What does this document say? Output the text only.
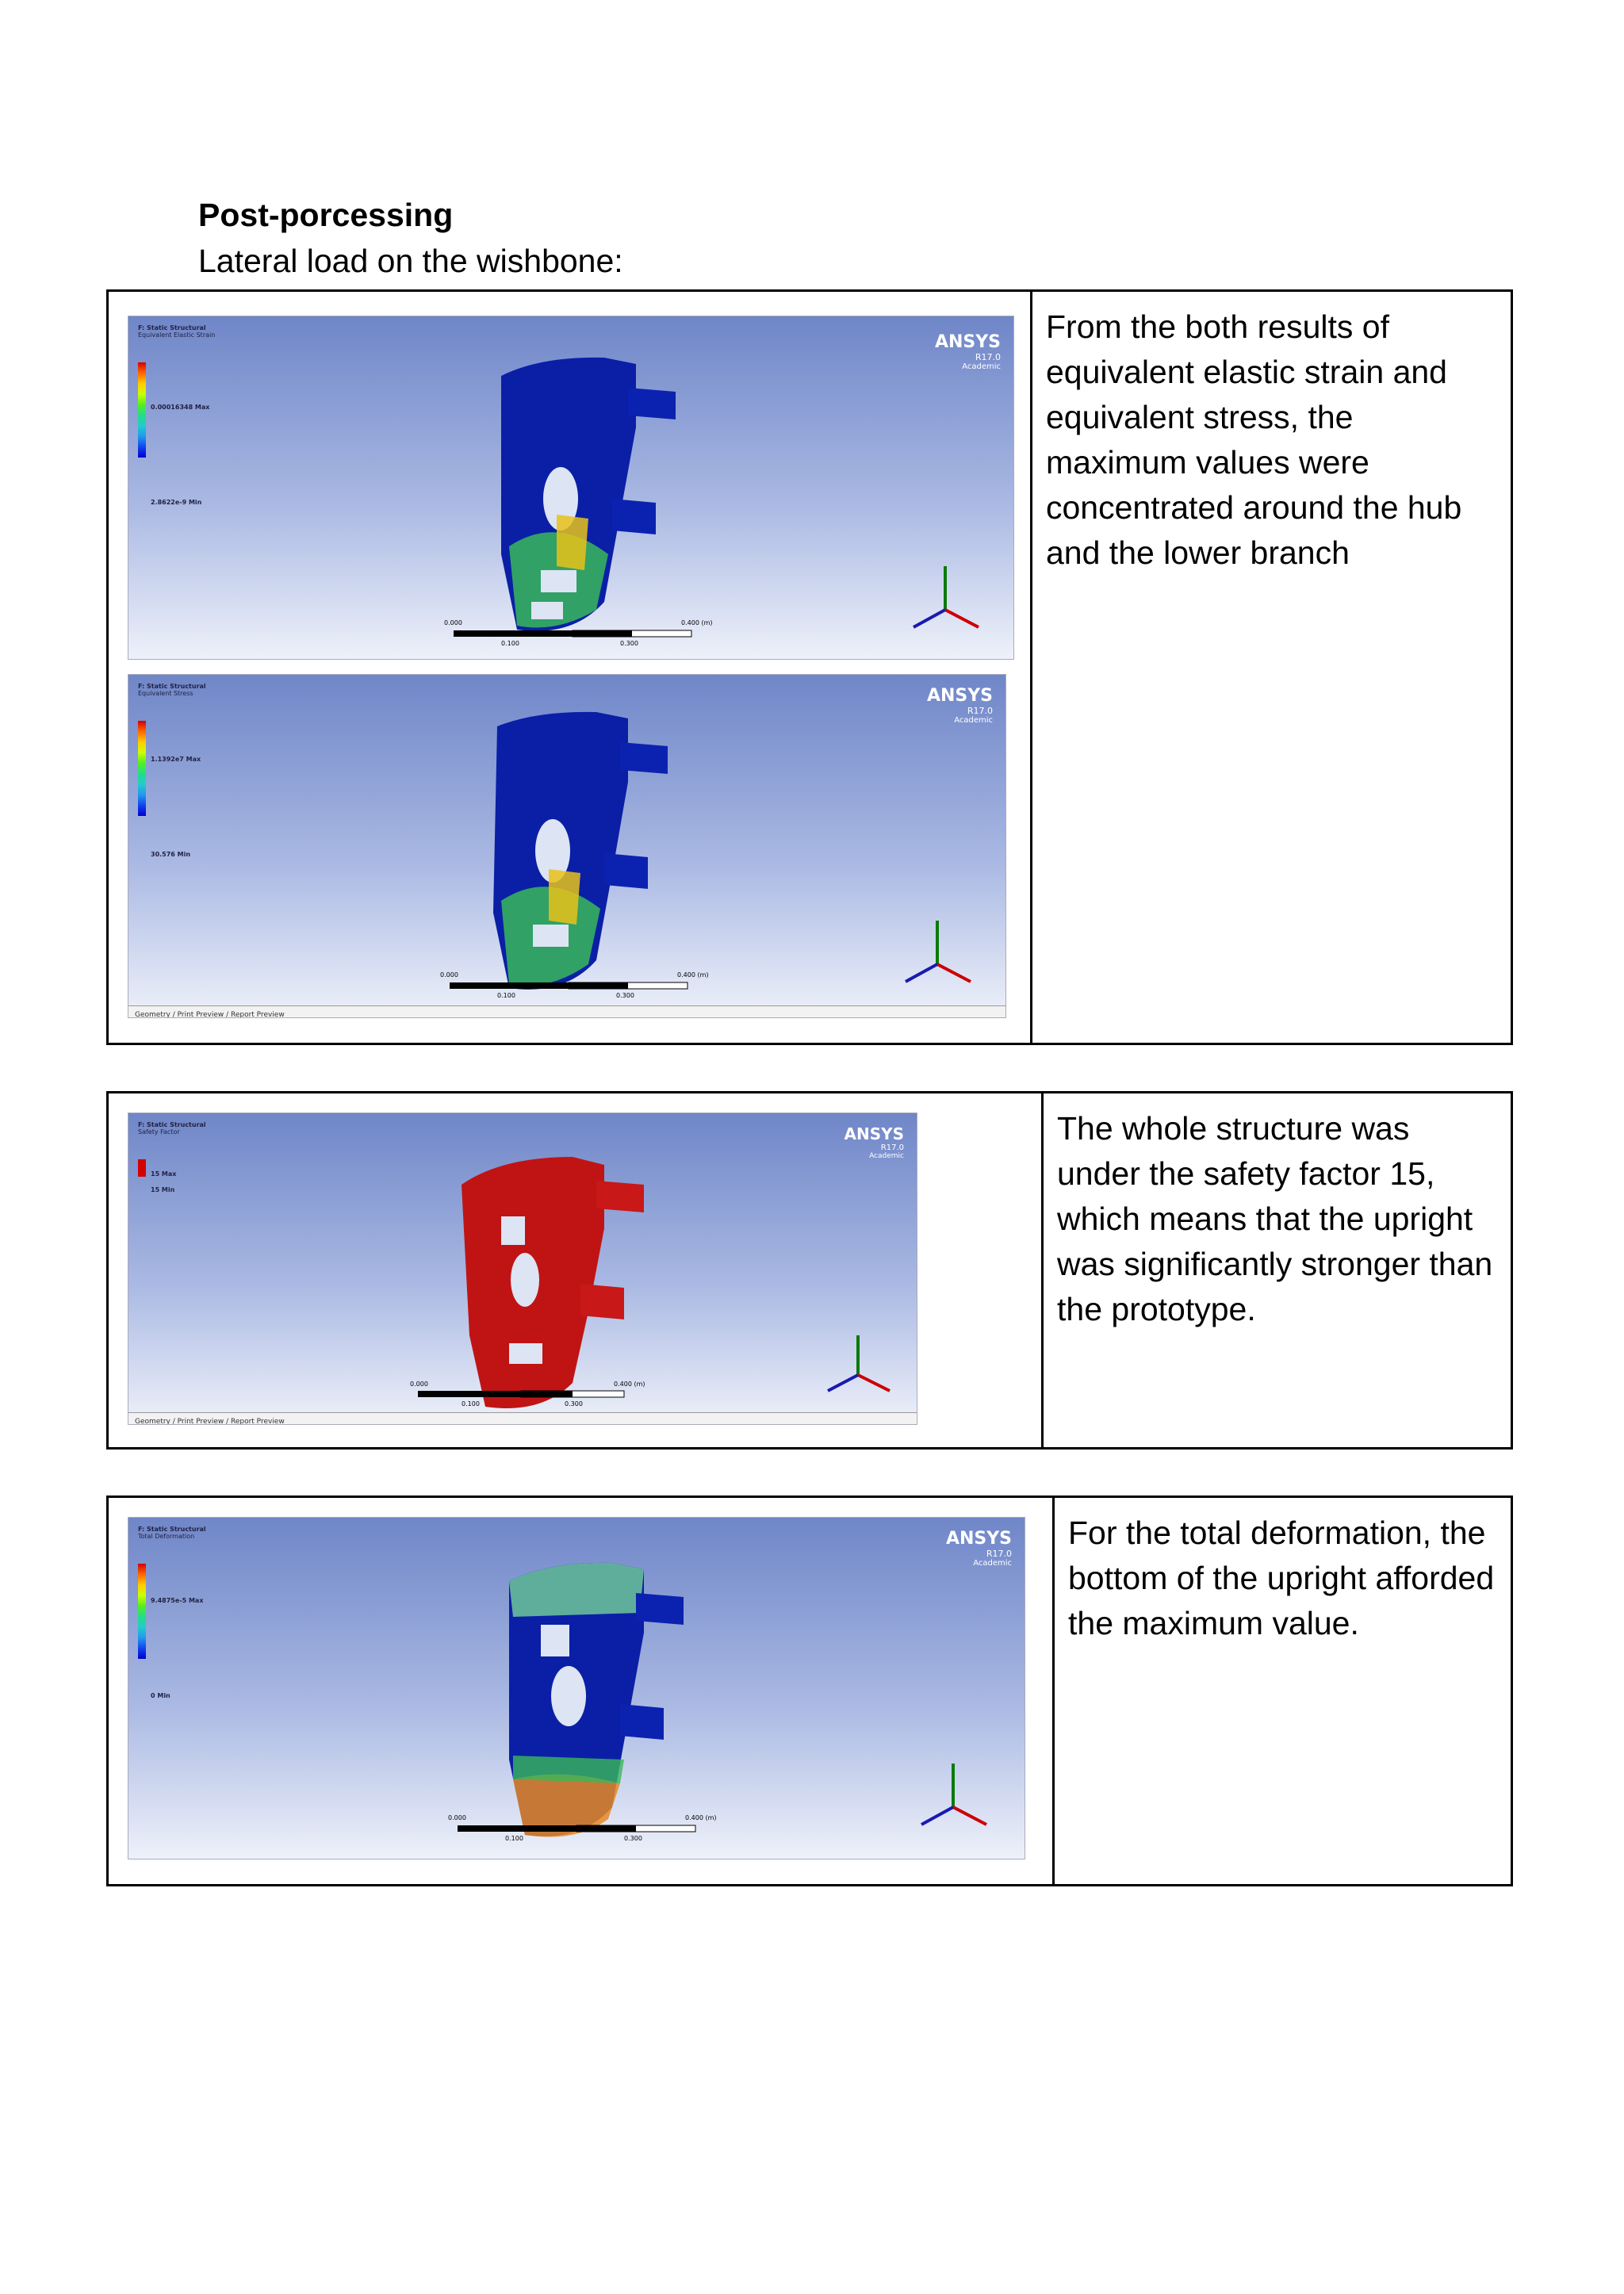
Post-porcessing
Lateral load on the wishbone:
F: Static Structural
Equivalent Elastic Strain
0.00016348 Max
2.8622e-9 Min
ANSYS
R17.0
Academic
0.000	0.400 (m)
0.100	0.300
F: Static Structural
Equivalent Stress
1.1392e7 Max
30.576 Min
ANSYS
R17.0
Academic
0.000	0.400 (m)
0.100	0.300
Geometry / Print Preview / Report Preview
From the both results of equivalent elastic strain and equivalent stress, the maximum values were concentrated around the hub and the lower branch
F: Static Structural
Safety Factor
15 Max
15 Min
ANSYS
R17.0
Academic
0.000	0.400 (m)
0.100	0.300
Geometry / Print Preview / Report Preview
The whole structure was under the safety factor 15, which means that the upright was significantly stronger than the prototype.
F: Static Structural
Total Deformation
9.4875e-5 Max
0 Min
ANSYS
R17.0
Academic
0.000	0.400 (m)
0.100	0.300
For the total deformation, the bottom of the upright afforded the maximum value.
